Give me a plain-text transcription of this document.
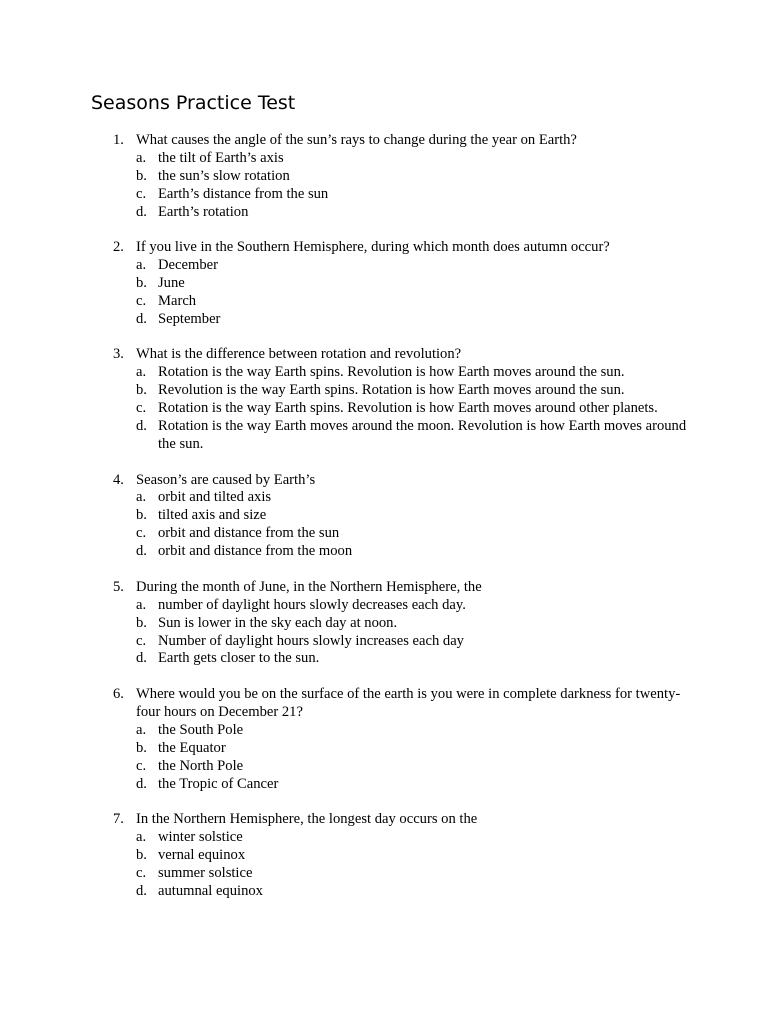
Seasons Practice Test
1. What causes the angle of the sun’s rays to change during the year on Earth?
a. the tilt of Earth’s axis
b. the sun’s slow rotation
c. Earth’s distance from the sun
d. Earth’s rotation
2. If you live in the Southern Hemisphere, during which month does autumn occur?
a. December
b. June
c. March
d. September
3. What is the difference between rotation and revolution?
a. Rotation is the way Earth spins. Revolution is how Earth moves around the sun.
b. Revolution is the way Earth spins. Rotation is how Earth moves around the sun.
c. Rotation is the way Earth spins. Revolution is how Earth moves around other planets.
d. Rotation is the way Earth moves around the moon. Revolution is how Earth moves around the sun.
4. Season’s are caused by Earth’s
a. orbit and tilted axis
b. tilted axis and size
c. orbit and distance from the sun
d. orbit and distance from the moon
5. During the month of June, in the Northern Hemisphere, the
a. number of daylight hours slowly decreases each day.
b. Sun is lower in the sky each day at noon.
c. Number of daylight hours slowly increases each day
d. Earth gets closer to the sun.
6. Where would you be on the surface of the earth is you were in complete darkness for twenty-four hours on December 21?
a. the South Pole
b. the Equator
c. the North Pole
d. the Tropic of Cancer
7. In the Northern Hemisphere, the longest day occurs on the
a. winter solstice
b. vernal equinox
c. summer solstice
d. autumnal equinox
